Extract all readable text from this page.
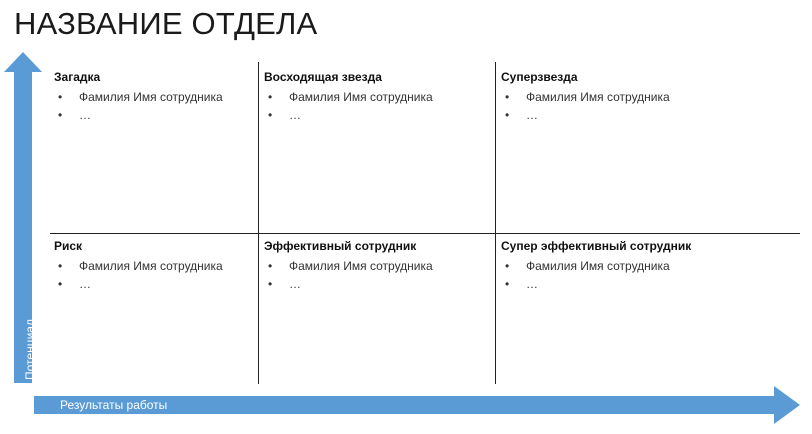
НАЗВАНИЕ ОТДЕЛА
Потенциал
Результаты работы
Загадка
• Фамилия Имя сотрудника
• …
Восходящая звезда
• Фамилия Имя сотрудника
• …
Суперзвезда
• Фамилия Имя сотрудника
• …
Риск
• Фамилия Имя сотрудника
• …
Эффективный сотрудник
• Фамилия Имя сотрудника
• …
Супер эффективный сотрудник
• Фамилия Имя сотрудника
• …
